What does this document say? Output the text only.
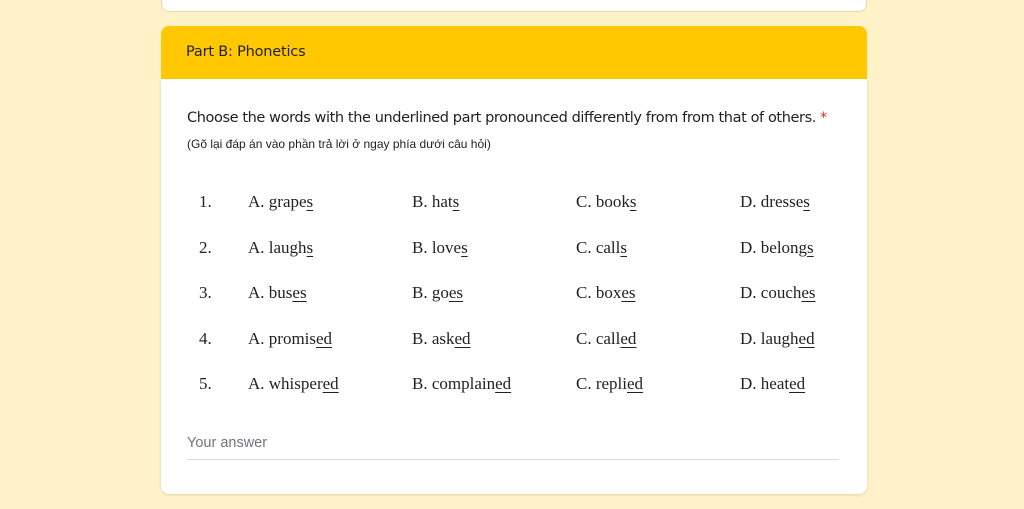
Part B: Phonetics
Choose the words with the underlined part pronounced differently from from that of others. *
(Gõ lại đáp án vào phần trả lời ở ngay phía dưới câu hỏi)
1. A. grapes	B. hats	C. books	D. dresses
2. A. laughs	B. loves	C. calls	D. belongs
3. A. buses	B. goes	C. boxes	D. couches
4. A. promised	B. asked	C. called	D. laughed
5. A. whispered	B. complained	C. replied	D. heated
Your answer
